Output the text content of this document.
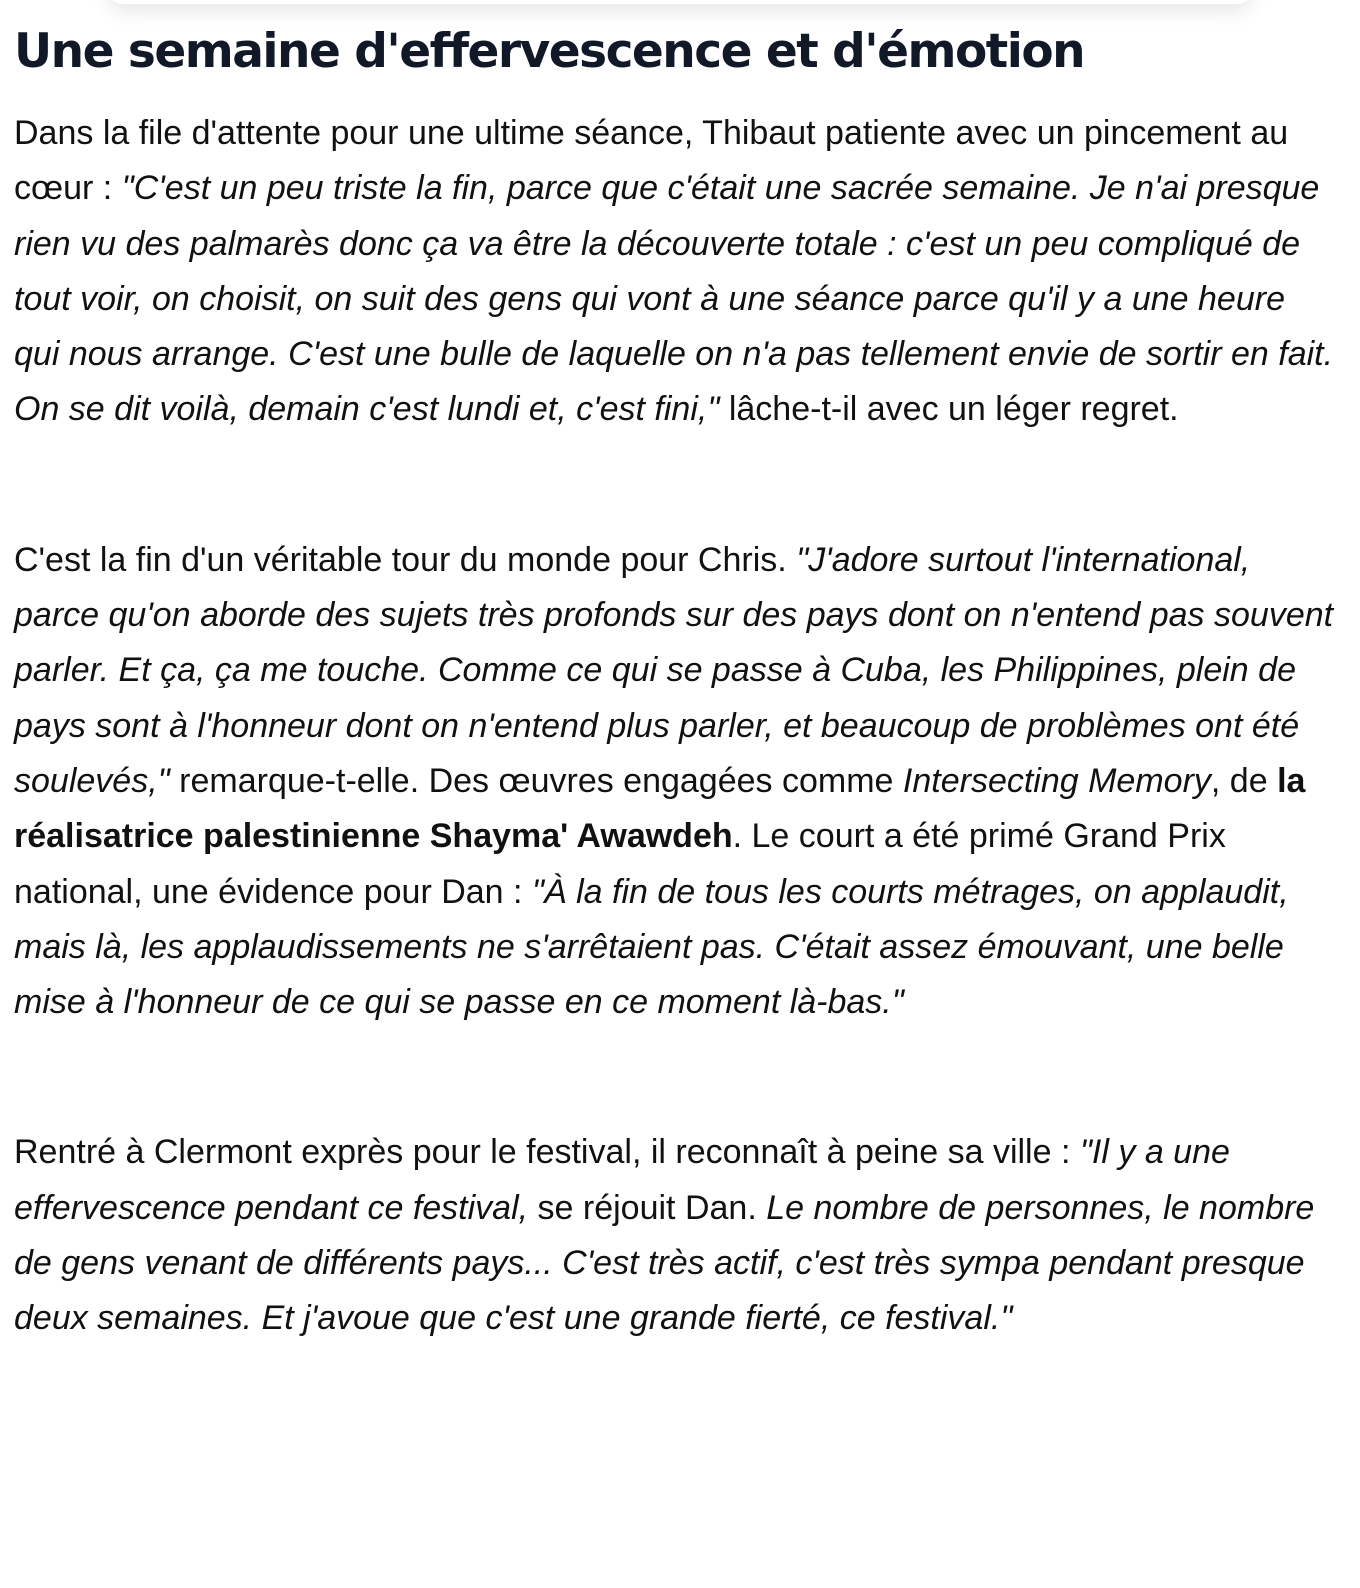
Une semaine d'effervescence et d'émotion

Dans la file d'attente pour une ultime séance, Thibaut patiente avec un pincement au cœur : "C'est un peu triste la fin, parce que c'était une sacrée semaine. Je n'ai presque rien vu des palmarès donc ça va être la découverte totale : c'est un peu compliqué de tout voir, on choisit, on suit des gens qui vont à une séance parce qu'il y a une heure qui nous arrange. C'est une bulle de laquelle on n'a pas tellement envie de sortir en fait. On se dit voilà, demain c'est lundi et, c'est fini," lâche-t-il avec un léger regret.

C'est la fin d'un véritable tour du monde pour Chris. "J'adore surtout l'international, parce qu'on aborde des sujets très profonds sur des pays dont on n'entend pas souvent parler. Et ça, ça me touche. Comme ce qui se passe à Cuba, les Philippines, plein de pays sont à l'honneur dont on n'entend plus parler, et beaucoup de problèmes ont été soulevés," remarque-t-elle. Des œuvres engagées comme Intersecting Memory, de la réalisatrice palestinienne Shayma' Awawdeh. Le court a été primé Grand Prix national, une évidence pour Dan : "À la fin de tous les courts métrages, on applaudit, mais là, les applaudissements ne s'arrêtaient pas. C'était assez émouvant, une belle mise à l'honneur de ce qui se passe en ce moment là-bas."

Rentré à Clermont exprès pour le festival, il reconnaît à peine sa ville : "Il y a une effervescence pendant ce festival, se réjouit Dan. Le nombre de personnes, le nombre de gens venant de différents pays... C'est très actif, c'est très sympa pendant presque deux semaines. Et j'avoue que c'est une grande fierté, ce festival."
